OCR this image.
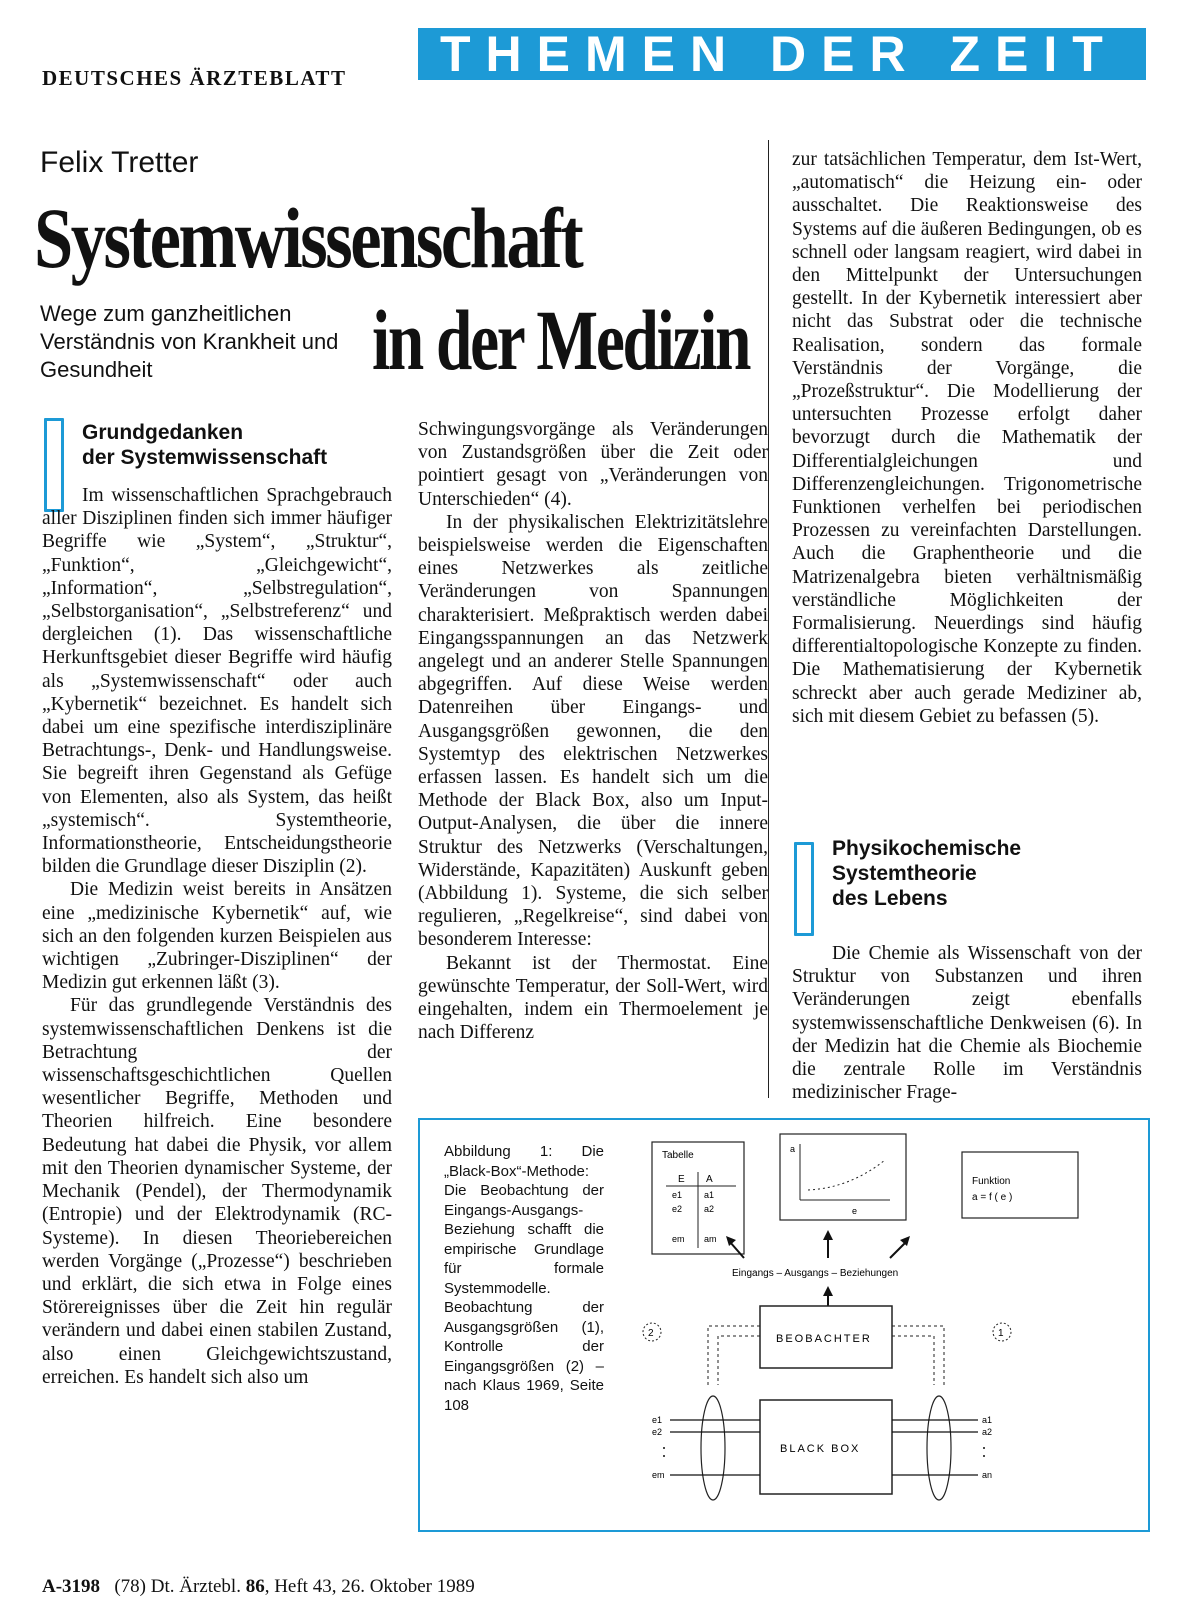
DEUTSCHES ÄRZTEBLATT	THEMEN DER ZEIT
Felix Tretter
Systemwissenschaft
Wege zum ganzheitlichen Verständnis von Krankheit und Gesundheit	in der Medizin
Grundgedanken
der Systemwissenschaft

Im wissenschaftlichen Sprachgebrauch aller Disziplinen finden sich immer häufiger Begriffe wie „System“, „Struktur“, „Funktion“, „Gleichgewicht“, „Information“, „Selbstregulation“, „Selbstorganisation“, „Selbstreferenz“ und dergleichen (1). Das wissenschaftliche Herkunftsgebiet dieser Begriffe wird häufig als „Systemwissenschaft“ oder auch „Kybernetik“ bezeichnet. Es handelt sich dabei um eine spezifische interdisziplinäre Betrachtungs-, Denk- und Handlungsweise. Sie begreift ihren Gegenstand als Gefüge von Elementen, also als System, das heißt „systemisch“. Systemtheorie, Informationstheorie, Entscheidungstheorie bilden die Grundlage dieser Disziplin (2).

Die Medizin weist bereits in Ansätzen eine „medizinische Kybernetik“ auf, wie sich an den folgenden kurzen Beispielen aus wichtigen „Zubringer-Disziplinen“ der Medizin gut erkennen läßt (3).

Für das grundlegende Verständnis des systemwissenschaftlichen Denkens ist die Betrachtung der wissenschaftsgeschichtlichen Quellen wesentlicher Begriffe, Methoden und Theorien hilfreich. Eine besondere Bedeutung hat dabei die Physik, vor allem mit den Theorien dynamischer Systeme, der Mechanik (Pendel), der Thermodynamik (Entropie) und der Elektrodynamik (RC-Systeme). In diesen Theoriebereichen werden Vorgänge („Prozesse“) beschrieben und erklärt, die sich etwa in Folge eines Störereignisses über die Zeit hin regulär verändern und dabei einen stabilen Zustand, also einen Gleichgewichtszustand, erreichen. Es handelt sich also um

Schwingungsvorgänge als Veränderungen von Zustandsgrößen über die Zeit oder pointiert gesagt von „Veränderungen von Unterschieden“ (4).

In der physikalischen Elektrizitätslehre beispielsweise werden die Eigenschaften eines Netzwerkes als zeitliche Veränderungen von Spannungen charakterisiert. Meßpraktisch werden dabei Eingangsspannungen an das Netzwerk angelegt und an anderer Stelle Spannungen abgegriffen. Auf diese Weise werden Datenreihen über Eingangs- und Ausgangsgrößen gewonnen, die den Systemtyp des elektrischen Netzwerkes erfassen lassen. Es handelt sich um die Methode der Black Box, also um Input-Output-Analysen, die über die innere Struktur des Netzwerks (Verschaltungen, Widerstände, Kapazitäten) Auskunft geben (Abbildung 1). Systeme, die sich selber regulieren, „Regelkreise“, sind dabei von besonderem Interesse:

Bekannt ist der Thermostat. Eine gewünschte Temperatur, der Soll-Wert, wird eingehalten, indem ein Thermoelement je nach Differenz

zur tatsächlichen Temperatur, dem Ist-Wert, „automatisch“ die Heizung ein- oder ausschaltet. Die Reaktionsweise des Systems auf die äußeren Bedingungen, ob es schnell oder langsam reagiert, wird dabei in den Mittelpunkt der Untersuchungen gestellt. In der Kybernetik interessiert aber nicht das Substrat oder die technische Realisation, sondern das formale Verständnis der Vorgänge, die „Prozeßstruktur“. Die Modellierung der untersuchten Prozesse erfolgt daher bevorzugt durch die Mathematik der Differentialgleichungen und Differenzengleichungen. Trigonometrische Funktionen verhelfen bei periodischen Prozessen zu vereinfachten Darstellungen. Auch die Graphentheorie und die Matrizenalgebra bieten verhältnismäßig verständliche Möglichkeiten der Formalisierung. Neuerdings sind häufig differentialtopologische Konzepte zu finden. Die Mathematisierung der Kybernetik schreckt aber auch gerade Mediziner ab, sich mit diesem Gebiet zu befassen (5).

Physikochemische
Systemtheorie
des Lebens

Die Chemie als Wissenschaft von der Struktur von Substanzen und ihren Veränderungen zeigt ebenfalls systemwissenschaftliche Denkweisen (6). In der Medizin hat die Chemie als Biochemie die zentrale Rolle im Verständnis medizinischer Frage-

Abbildung 1: Die „Black-Box“-Methode: Die Beobachtung der Eingangs-Ausgangs-Beziehung schafft die empirische Grundlage für formale Systemmodelle. Beobachtung der Ausgangsgrößen (1), Kontrolle der Eingangsgrößen (2) – nach Klaus 1969, Seite 108
Tabelle
E A
e1 a1
e2 a2
em am
a
e
Funktion
a = f ( e )
Eingangs – Ausgangs – Beziehungen
BEOBACHTER
BLACK BOX
2	1
e1
e2
em
a1
a2
an
A-3198 (78) Dt. Ärztebl. 86, Heft 43, 26. Oktober 1989
